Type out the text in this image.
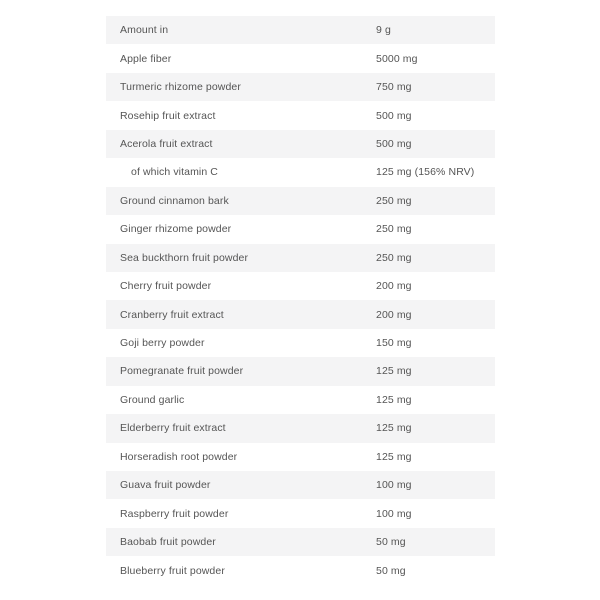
Amount in	9 g
Apple fiber	5000 mg
Turmeric rhizome powder	750 mg
Rosehip fruit extract	500 mg
Acerola fruit extract	500 mg
of which vitamin C	125 mg (156% NRV)
Ground cinnamon bark	250 mg
Ginger rhizome powder	250 mg
Sea buckthorn fruit powder	250 mg
Cherry fruit powder	200 mg
Cranberry fruit extract	200 mg
Goji berry powder	150 mg
Pomegranate fruit powder	125 mg
Ground garlic	125 mg
Elderberry fruit extract	125 mg
Horseradish root powder	125 mg
Guava fruit powder	100 mg
Raspberry fruit powder	100 mg
Baobab fruit powder	50 mg
Blueberry fruit powder	50 mg
